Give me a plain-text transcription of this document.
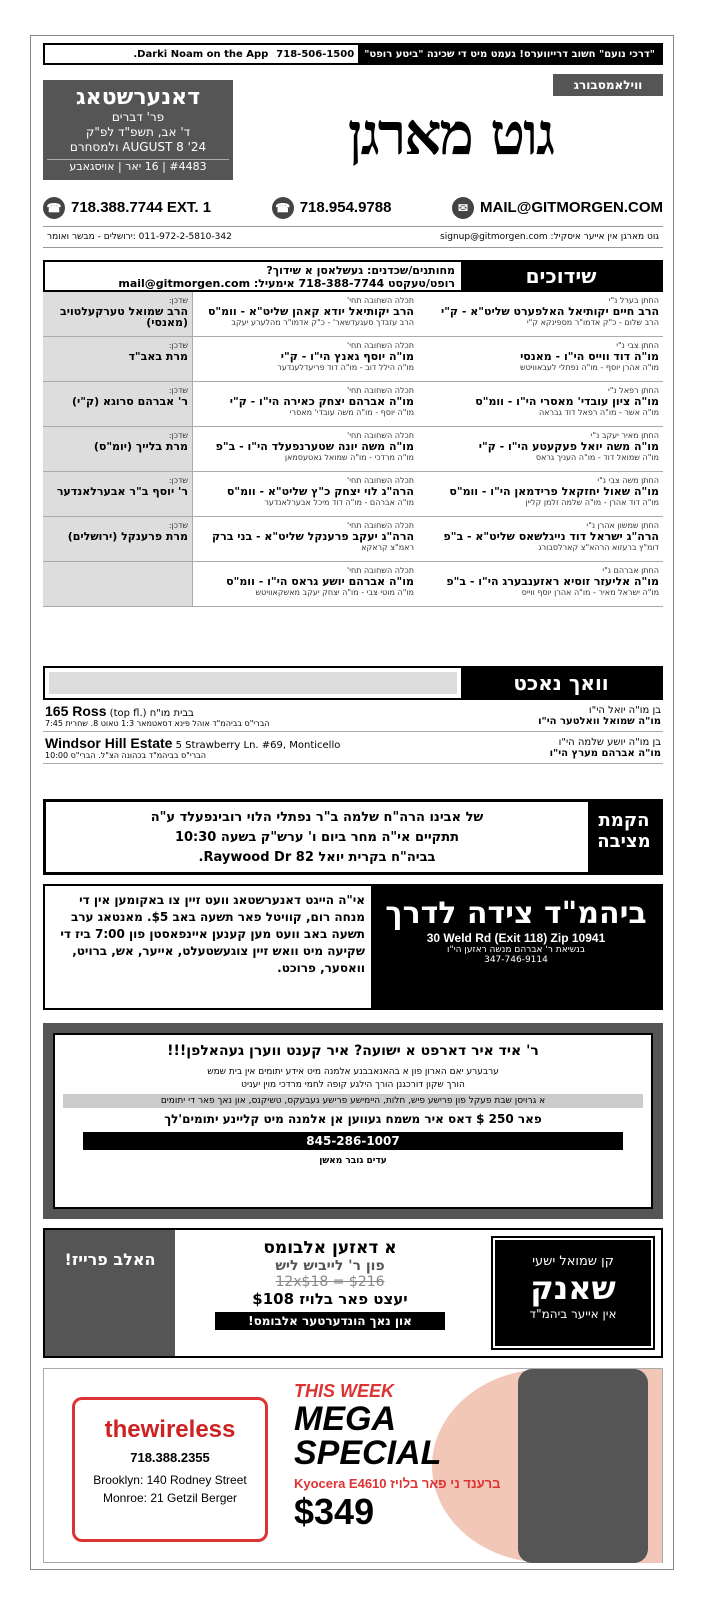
"דרכי נועם" חשוב דרייווערס! געמט מיט די שכינה "ביטע רופט"
718-506-1500
Darki Noam on the App.
דאנערשטאג
פר' דברים
ד' אב, תשפ"ד לפ"ק
AUGUST 8 '24 ולמסחרם
#4483 | 16 יאר | אויסגאבע	גוט מארגן
ווילאמסבורג
☎ 718.388.7744 EXT. 1	☎ 718.954.9788	✉ MAIL@GITMORGEN.COM
גוט מארגן אין אייער איסקיל: signup@gitmorgen.com
011-972-2-5810-342 :ירושלים - מבשר ואומר
שידוכים
מחותנים/שכדנים: געשלאסן א שידוך?
רופט/טעקסט 718-388-7744 אימעיל: mail@gitmorgen.com
החתן בערל נ"י
הרב חיים יקותיאל האלפערט שליט"א - ק"י
הרב שלום - כ"ק אדמו"ר מספינקא ק"י
תכלה השחובה תחי'
הרב יקותיאל יודא קאהן שליט"א - וומ"ס
הרב עזבדך סעגעדשאר' - כ"ק אדמו"ר מהלערע יעקב
שדכן:
הרב שמואל טערקעלטויב (מאנסי)
החתן צבי נ"י
מו"ה דוד ווייס הי"ו - מאנסי
מו"ה אהרן יוסף - מו"ה נפתלי לעבאוויטש
תכלה השחובה תחי'
מו"ה יוסף גאנץ הי"ו - ק"י
מו"ה הילל דוב - מו"ה דוד פריעדלענדער
שדכן:
מרת באב"ד
החתן רפאל נ"י
מו"ה ציון עובדי' מאסרי הי"ו - וומ"ס
מו"ה אשר - מו"ה רפאל דוד גבראה
תכלה השחובה תחי'
מו"ה אברהם יצחק כאירה הי"ו - ק"י
מו"ה יוסף - מו"ה משה עובדי' מאסרי
שדכן:
ר' אברהם סרוגא (ק"י)
החתן מאיר יעקב נ"י
מו"ה משה יואל פעקעטע הי"ו - ק"י
מו"ה שמואל דוד - מו"ה העניך גראס
תכלה השחובה תחי'
מו"ה משה יונה שטערנפעלד הי"ו - ב"פ
מו"ה מרדכי - מו"ה שמואל גאטעסמאן
שדכן:
מרת בלייך (יומ"ס)
החתן משה צבי נ"י
מו"ה שאול יחזקאל פרידמאן הי"ו - וומ"ס
מו"ה דוד אהרן - מו"ה שלמה זלמן קליין
תכלה השחובה תחי'
הרה"ג לוי יצחק כ"ץ שליט"א - וומ"ס
מו"ה אברהם - מו"ה דוד מיכל אבערלאנדער
שדכן:
ר' יוסף ב"ר אבערלאנדער
החתן שמשון אהרן נ"י
הרה"ג ישראל דוד נייגלשאס שליט"א - ב"פ
דומ"ץ ברעזוא הרהא"צ קארלסבורג
תכלה השחובה תחי'
הרה"ג יעקב פרענקל שליט"א - בני ברק
ראמ"צ קראקא
שדכן:
מרת פרענקל (ירושלים)
החתן אברהם נ"י
מו"ה אליעזר זוסיא ראזענבערג הי"ו - ב"פ
מו"ה ישראל מאיר - מו"ה אהרן יוסף ווייס
תכלה השחובה תחי'
מו"ה אברהם יושע גראס הי"ו - וומ"ס
מו"ה מוטי צבי - מו"ה יצחק יעקב מאשקאוויטש
וואך נאכט
165 Ross (top fl.) בבית מו"ח
הברי"ס בביהמ"ד אוהל פינא דסאטמאר 1:3 טאוט 8. שחרית 7:45
בן מו"ה יואל הי"ו
מו"ה שמואל וואלטער הי"ו
Windsor Hill Estate 5 Strawberry Ln. #69, Monticello
הברי"ס בביהמ"ד בכהונה הצ"ל. הברי"ס 10:00
בן מו"ה יושע שלמה הי"ו
מו"ה אברהם מערץ הי"ו
של אבינו הרה"ח שלמה ב"ר נפתלי הלוי רובינפעלד ע"ה
תתקיים אי"ה מחר ביום ו' ערש"ק בשעה 10:30
בביה"ח בקרית יואל 82 Raywood Dr.
הקמת מציבה
אי"ה הייגט דאנערשטאג וועט זיין צו באקומען אין די מנחה רום, קוויטל פאר תשעה באב $5. מאנטאג ערב תשעה באב וועט מען קענען איינפאסטן פון 7:00 ביז די שקיעה מיט וואש זיין צוגעשטעלט, אייער, אש, ברויט, וואסער, פרוכט.
ביהמ"ד צידה לדרך
30 Weld Rd (Exit 118) Zip 10941
בנשיאת ר' אברהם מנשה ראזען הי"ו
347-746-9114
ר' איד איר דארפט א ישועה? איר קענט ווערן געהאלפן!!!
ערבערע יאם הארון פון א בהאנאבבנע אלמנה מיט אידע יתומים אין בית שמש
הורך שקון דורכגנן הורך הילגע קופה לחמי מרדכי מוין יעניט
א גרויסן שבת פעקל פון פרישע פיש, חלות, היימישע פרישע געבעקס, טשיקנס, און נאך פאר די יתומים
פאר 250 $ דאס איר משמח געווען אן אלמנה מיט קליינע יתומים'לך
845-286-1007
עדים גובר מאשן
האלב פרייז!
א דאזען אלבומס
פון ר' לייביש ליש
12x$18 = $216
יעצט פאר בלויז $108
און נאך הונדערטער אלבומס!
קן שמואל ישעי
שאנק
אין אייער ביהמ"ד
thewireless
718.388.2355
Brooklyn: 140 Rodney Street
Monroe: 21 Getzil Berger
THIS WEEK
MEGA SPECIAL
Kyocera E4610 ברענד ני פאר בלויז
$349
